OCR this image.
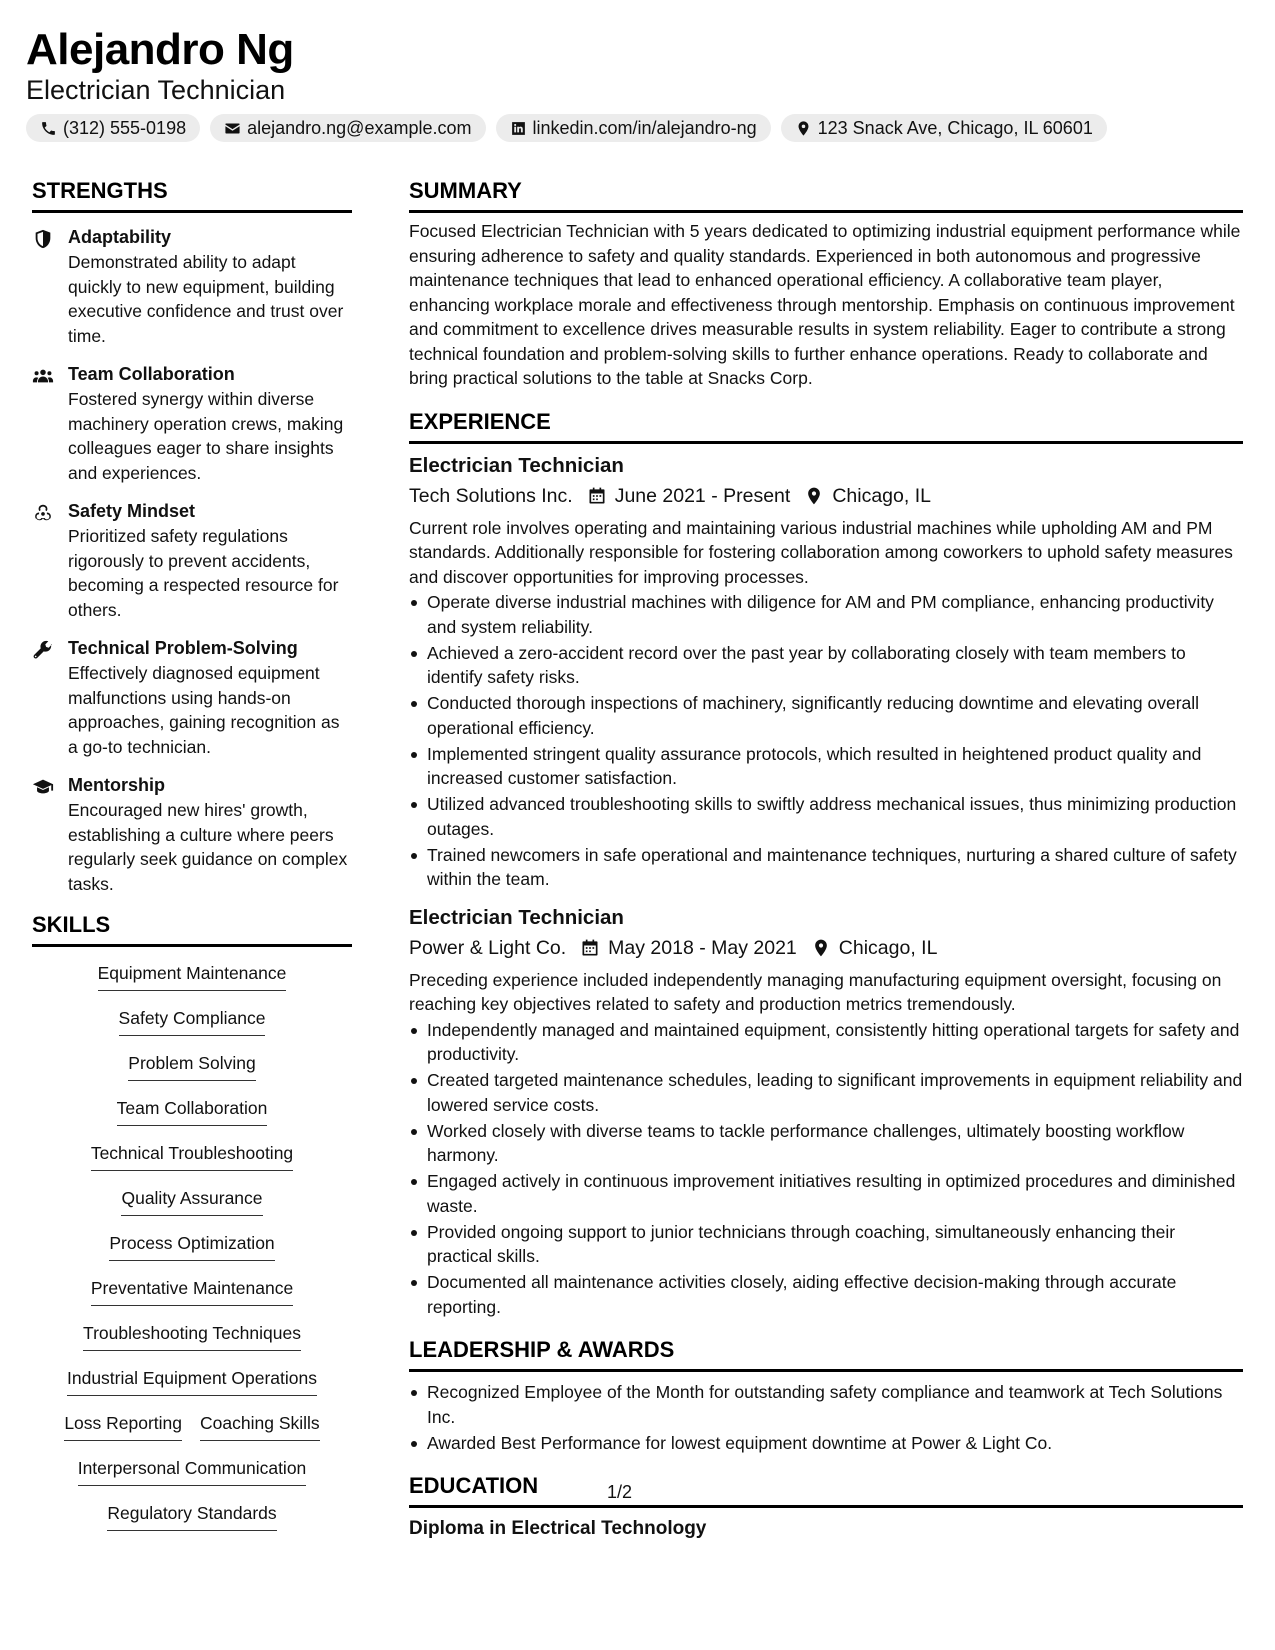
Alejandro Ng
Electrician Technician
(312) 555-0198	alejandro.ng@example.com	linkedin.com/in/alejandro-ng	123 Snack Ave, Chicago, IL 60601
STRENGTHS
Adaptability
Demonstrated ability to adapt quickly to new equipment, building executive confidence and trust over time.
Team Collaboration
Fostered synergy within diverse machinery operation crews, making colleagues eager to share insights and experiences.
Safety Mindset
Prioritized safety regulations rigorously to prevent accidents, becoming a respected resource for others.
Technical Problem-Solving
Effectively diagnosed equipment malfunctions using hands-on approaches, gaining recognition as a go-to technician.
Mentorship
Encouraged new hires' growth, establishing a culture where peers regularly seek guidance on complex tasks.
SKILLS
Equipment Maintenance
Safety Compliance
Problem Solving
Team Collaboration
Technical Troubleshooting
Quality Assurance
Process Optimization
Preventative Maintenance
Troubleshooting Techniques
Industrial Equipment Operations
Loss Reporting Coaching Skills
Interpersonal Communication
Regulatory Standards
SUMMARY
Focused Electrician Technician with 5 years dedicated to optimizing industrial equipment performance while ensuring adherence to safety and quality standards. Experienced in both autonomous and progressive maintenance techniques that lead to enhanced operational efficiency. A collaborative team player, enhancing workplace morale and effectiveness through mentorship. Emphasis on continuous improvement and commitment to excellence drives measurable results in system reliability. Eager to contribute a strong technical foundation and problem-solving skills to further enhance operations. Ready to collaborate and bring practical solutions to the table at Snacks Corp.
EXPERIENCE
Electrician Technician
Tech Solutions Inc. June 2021 - Present Chicago, IL
Current role involves operating and maintaining various industrial machines while upholding AM and PM standards. Additionally responsible for fostering collaboration among coworkers to uphold safety measures and discover opportunities for improving processes.
Operate diverse industrial machines with diligence for AM and PM compliance, enhancing productivity and system reliability.
Achieved a zero-accident record over the past year by collaborating closely with team members to identify safety risks.
Conducted thorough inspections of machinery, significantly reducing downtime and elevating overall operational efficiency.
Implemented stringent quality assurance protocols, which resulted in heightened product quality and increased customer satisfaction.
Utilized advanced troubleshooting skills to swiftly address mechanical issues, thus minimizing production outages.
Trained newcomers in safe operational and maintenance techniques, nurturing a shared culture of safety within the team.
Electrician Technician
Power & Light Co. May 2018 - May 2021 Chicago, IL
Preceding experience included independently managing manufacturing equipment oversight, focusing on reaching key objectives related to safety and production metrics tremendously.
Independently managed and maintained equipment, consistently hitting operational targets for safety and productivity.
Created targeted maintenance schedules, leading to significant improvements in equipment reliability and lowered service costs.
Worked closely with diverse teams to tackle performance challenges, ultimately boosting workflow harmony.
Engaged actively in continuous improvement initiatives resulting in optimized procedures and diminished waste.
Provided ongoing support to junior technicians through coaching, simultaneously enhancing their practical skills.
Documented all maintenance activities closely, aiding effective decision-making through accurate reporting.
LEADERSHIP & AWARDS
Recognized Employee of the Month for outstanding safety compliance and teamwork at Tech Solutions Inc.
Awarded Best Performance for lowest equipment downtime at Power & Light Co.
EDUCATION
Diploma in Electrical Technology
1/2
